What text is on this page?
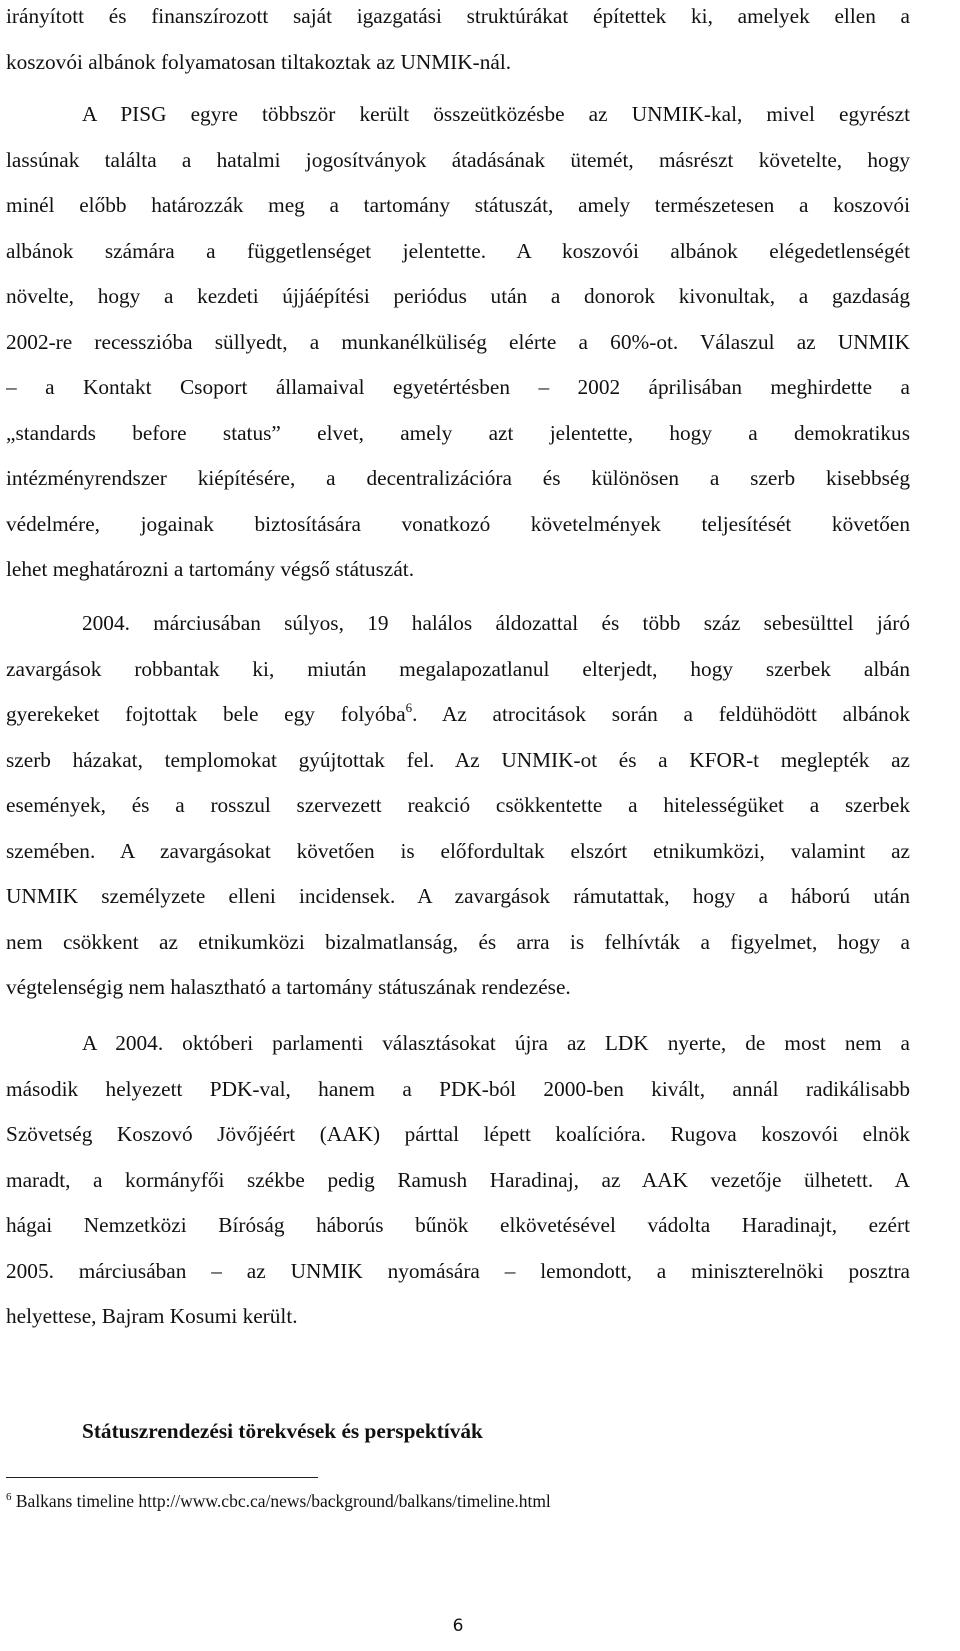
irányított és finanszírozott saját igazgatási struktúrákat építettek ki, amelyek ellen a
koszovói albánok folyamatosan tiltakoztak az UNMIK-nál.
A PISG egyre többször került összeütközésbe az UNMIK-kal, mivel egyrészt
lassúnak találta a hatalmi jogosítványok átadásának ütemét, másrészt követelte, hogy
minél előbb határozzák meg a tartomány státuszát, amely természetesen a koszovói
albánok számára a függetlenséget jelentette. A koszovói albánok elégedetlenségét
növelte, hogy a kezdeti újjáépítési periódus után a donorok kivonultak, a gazdaság
2002-re recesszióba süllyedt, a munkanélküliség elérte a 60%-ot. Válaszul az UNMIK
– a Kontakt Csoport államaival egyetértésben – 2002 áprilisában meghirdette a
„standards before status” elvet, amely azt jelentette, hogy a demokratikus
intézményrendszer kiépítésére, a decentralizációra és különösen a szerb kisebbség
védelmére, jogainak biztosítására vonatkozó követelmények teljesítését követően
lehet meghatározni a tartomány végső státuszát.
2004. márciusában súlyos, 19 halálos áldozattal és több száz sebesülttel járó
zavargások robbantak ki, miután megalapozatlanul elterjedt, hogy szerbek albán
gyerekeket fojtottak bele egy folyóba$^6$. Az atrocitások során a feldühödött albánok
szerb házakat, templomokat gyújtottak fel. Az UNMIK-ot és a KFOR-t meglepték az
események, és a rosszul szervezett reakció csökkentette a hitelességüket a szerbek
szemében. A zavargásokat követően is előfordultak elszórt etnikumközi, valamint az
UNMIK személyzete elleni incidensek. A zavargások rámutattak, hogy a háború után
nem csökkent az etnikumközi bizalmatlanság, és arra is felhívták a figyelmet, hogy a
végtelenségig nem halasztható a tartomány státuszának rendezése.
A 2004. októberi parlamenti választásokat újra az LDK nyerte, de most nem a
második helyezett PDK-val, hanem a PDK-ból 2000-ben kivált, annál radikálisabb
Szövetség Koszovó Jövőjéért (AAK) párttal lépett koalícióra. Rugova koszovói elnök
maradt, a kormányfői székbe pedig Ramush Haradinaj, az AAK vezetője ülhetett. A
hágai Nemzetközi Bíróság háborús bűnök elkövetésével vádolta Haradinajt, ezért
2005. márciusában – az UNMIK nyomására – lemondott, a miniszterelnöki posztra
helyettese, Bajram Kosumi került.
Státuszrendezési törekvések és perspektívák
$^6$ Balkans timeline http://www.cbc.ca/news/background/balkans/timeline.html
6
